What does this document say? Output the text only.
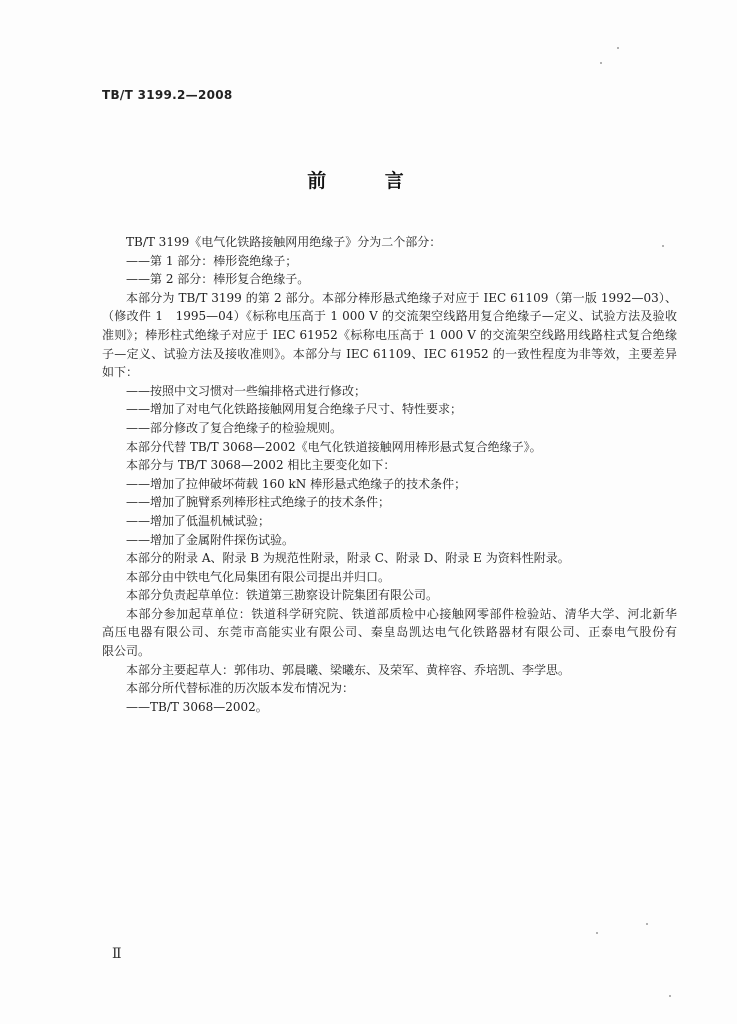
TB/T 3199.2—2008
前 言
TB/T 3199《电气化铁路接触网用绝缘子》分为二个部分：
——第 1 部分：棒形瓷绝缘子；
——第 2 部分：棒形复合绝缘子。
本部分为 TB/T 3199 的第 2 部分。本部分棒形悬式绝缘子对应于 IEC 61109（第一版 1992—03）、
（修改件 1　1995—04）《标称电压高于 1 000 V 的交流架空线路用复合绝缘子—定义、试验方法及验收
准则》；棒形柱式绝缘子对应于 IEC 61952《标称电压高于 1 000 V 的交流架空线路用线路柱式复合绝缘
子—定义、试验方法及接收准则》。本部分与 IEC 61109、IEC 61952 的一致性程度为非等效，主要差异
如下：
——按照中文习惯对一些编排格式进行修改；
——增加了对电气化铁路接触网用复合绝缘子尺寸、特性要求；
——部分修改了复合绝缘子的检验规则。
本部分代替 TB/T 3068—2002《电气化铁道接触网用棒形悬式复合绝缘子》。
本部分与 TB/T 3068—2002 相比主要变化如下：
——增加了拉伸破坏荷载 160 kN 棒形悬式绝缘子的技术条件；
——增加了腕臂系列棒形柱式绝缘子的技术条件；
——增加了低温机械试验；
——增加了金属附件探伤试验。
本部分的附录 A、附录 B 为规范性附录，附录 C、附录 D、附录 E 为资料性附录。
本部分由中铁电气化局集团有限公司提出并归口。
本部分负责起草单位：铁道第三勘察设计院集团有限公司。
本部分参加起草单位：铁道科学研究院、铁道部质检中心接触网零部件检验站、清华大学、河北新华
高压电器有限公司、东莞市高能实业有限公司、秦皇岛凯达电气化铁路器材有限公司、正泰电气股份有
限公司。
本部分主要起草人：郭伟功、郭晨曦、梁曦东、及荣军、黄梓容、乔培凯、李学思。
本部分所代替标准的历次版本发布情况为：
——TB/T 3068—2002。
Ⅱ
